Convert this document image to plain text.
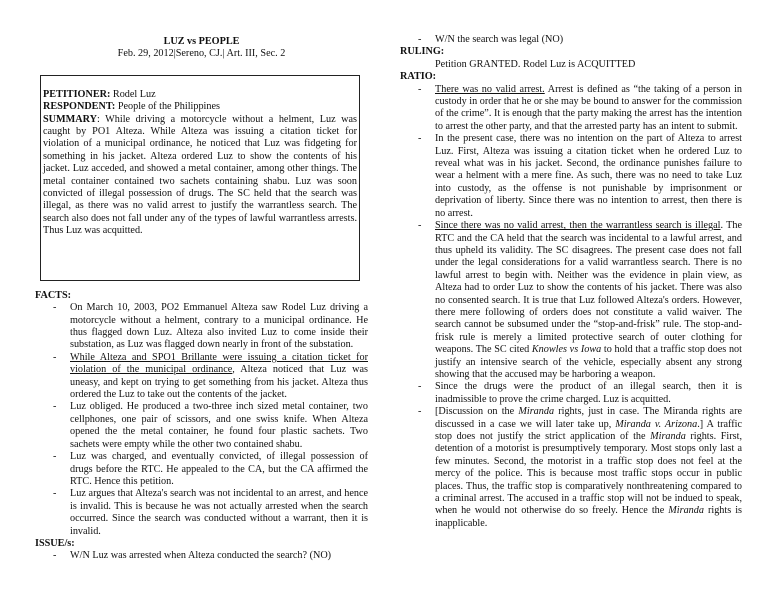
LUZ vs PEOPLE
Feb. 29, 2012|Sereno, CJ.| Art. III, Sec. 2

PETITIONER: Rodel Luz

RESPONDENT: People of the Philippines

SUMMARY: While driving a motorcycle without a helment, Luz was caught by PO1 Alteza. While Alteza was issuing a citation ticket for violation of a municipal ordinance, he noticed that Luz was fidgeting for something in his jacket. Alteza ordered Luz to show the contents of his jacket. Luz acceded, and showed a metal container, among other things. The metal container contained two sachets containing shabu. Luz was soon convicted of illegal possession of drugs. The SC held that the search was illegal, as there was no valid arrest to justify the warrantless search. The search also does not fall under any of the types of lawful warrantless arrests. Thus Luz was acquitted.

FACTS:

- On March 10, 2003, PO2 Emmanuel Alteza saw Rodel Luz driving a motorcycle without a helment, contrary to a municipal ordinance. He thus flagged down Luz. Alteza also invited Luz to come inside their substation, as Luz was flagged down nearly in front of the substation.
- While Alteza and SPO1 Brillante were issuing a citation ticket for violation of the municipal ordinance, Alteza noticed that Luz was uneasy, and kept on trying to get something from his jacket. Alteza thus ordered the Luz to take out the contents of the jacket.
- Luz obliged. He produced a two-three inch sized metal container, two cellphones, one pair of scissors, and one swiss knife. When Alteza opened the the metal container, he found four plastic sachets. Two sachets were empty while the other two contained shabu.
- Luz was charged, and eventually convicted, of illegal possession of drugs before the RTC. He appealed to the CA, but the CA affirmed the RTC. Hence this petition.
- Luz argues that Alteza's search was not incidental to an arrest, and hence is invalid. This is because he was not actually arrested when the search occurred. Since the search was conducted without a warrant, then it is invalid.

ISSUE/s:

- W/N Luz was arrested when Alteza conducted the search? (NO)
- W/N the search was legal (NO)

RULING:

Petition GRANTED. Rodel Luz is ACQUITTED

RATIO:

- There was no valid arrest. Arrest is defined as “the taking of a person in custody in order that he or she may be bound to answer for the commission of the crime”. It is enough that the party making the arrest has the intention to arrest the other party, and that the arrested party has an intent to submit.
- In the present case, there was no intention on the part of Alteza to arrest Luz. First, Alteza was issuing a citation ticket when he ordered Luz to reveal what was in his jacket. Second, the ordinance punishes failure to wear a helment with a mere fine. As such, there was no need to take Luz into custody, as the offense is not punishable by imprisonment or deprivation of liberty. Since there was no intention to arrest, then there is no arrest.
- Since there was no valid arrest, then the warrantless search is illegal. The RTC and the CA held that the search was incidental to a lawful arrest, and thus upheld its validity. The SC disagrees. The present case does not fall under the legal considerations for a valid warrantless search. There is no lawful arrest to begin with. Neither was the evidence in plain view, as Alteza had to order Luz to show the contents of his jacket. There was also no consented search. It is true that Luz followed Alteza's orders. However, there mere following of orders does not constitute a valid waiver. The search cannot be subsumed under the “stop-and-frisk” rule. The stop-and-frisk rule is merely a limited protective search of outer clothing for weapons. The SC cited Knowles vs Iowa to hold that a traffic stop does not justify an intensive search of the vehicle, especially absent any strong showing that the accused may be harboring a weapon.
- Since the drugs were the product of an illegal search, then it is inadmissible to prove the crime charged. Luz is acquitted.
- [Discussion on the Miranda rights, just in case. The Miranda rights are discussed in a case we will later take up, Miranda v. Arizona.] A traffic stop does not justify the strict application of the Miranda rights. First, detention of a motorist is presumptively temporary. Most stops only last a few minutes. Second, the motorist in a traffic stop does not feel at the mercy of the police. This is because most traffic stops occur in public places. Thus, the traffic stop is comparatively nonthreatening compared to a criminal arrest. The accused in a traffic stop will not be indued to speak, when he would not otherwise do so freely. Hence the Miranda rights is inapplicable.
